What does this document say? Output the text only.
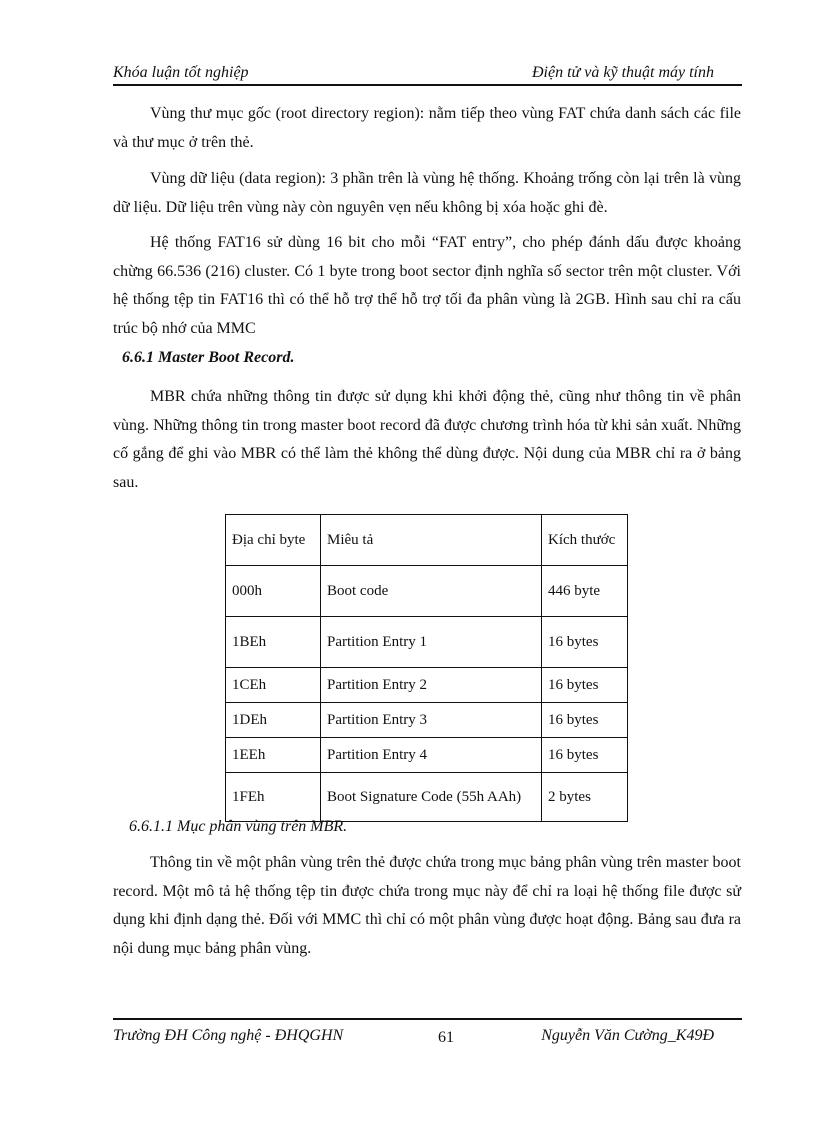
Khóa luận tốt nghiệp	Điện tử và kỹ thuật máy tính

Vùng thư mục gốc (root directory region): nằm tiếp theo vùng FAT chứa danh sách các file và thư mục ở trên thẻ.

Vùng dữ liệu (data region): 3 phần trên là vùng hệ thống. Khoảng trống còn lại trên là vùng dữ liệu. Dữ liệu trên vùng này còn nguyên vẹn nếu không bị xóa hoặc ghi đè.

Hệ thống FAT16 sử dùng 16 bit cho mỗi “FAT entry”, cho phép đánh dấu được khoảng chừng 66.536 (216) cluster. Có 1 byte trong boot sector định nghĩa số sector trên một cluster. Với hệ thống tệp tin FAT16 thì có thể hỗ trợ thể hỗ trợ tối đa phân vùng là 2GB. Hình sau chỉ ra cấu trúc bộ nhớ của MMC

6.6.1 Master Boot Record.

MBR chứa những thông tin được sử dụng khi khởi động thẻ, cũng như thông tin về phân vùng. Những thông tin trong master boot record đã được chương trình hóa từ khi sản xuất. Những cố gắng để ghi vào MBR có thể làm thẻ không thể dùng được. Nội dung của MBR chỉ ra ở bảng sau.

Địa chỉ byte	Miêu tả	Kích thước
000h	Boot code	446 byte
1BEh	Partition Entry 1	16 bytes
1CEh	Partition Entry 2	16 bytes
1DEh	Partition Entry 3	16 bytes
1EEh	Partition Entry 4	16 bytes
1FEh	Boot Signature Code (55h AAh)	2 bytes
6.6.1.1 Mục phân vùng trên MBR.

Thông tin về một phân vùng trên thẻ được chứa trong mục bảng phân vùng trên master boot record. Một mô tả hệ thống tệp tin được chứa trong mục này để chỉ ra loại hệ thống file được sử dụng khi định dạng thẻ. Đối với MMC thì chỉ có một phân vùng được hoạt động. Bảng sau đưa ra nội dung mục bảng phân vùng.

Trường ĐH Công nghệ - ĐHQGHN	61	Nguyễn Văn Cường_K49Đ
